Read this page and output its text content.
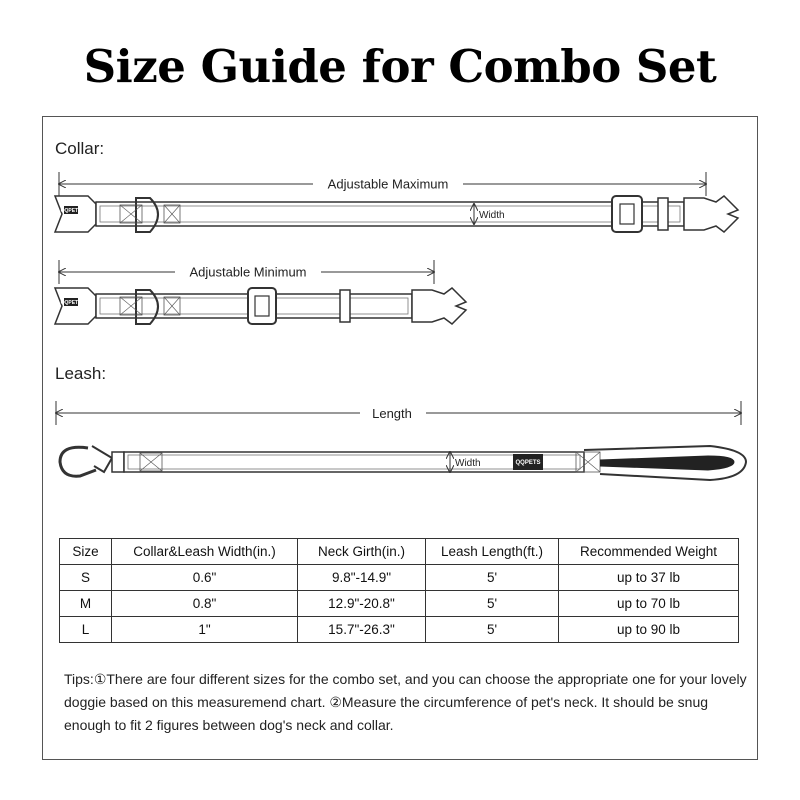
Size Guide for Combo Set
Collar:
Leash:
Adjustable Maximum
QQPETS	Width
Adjustable Minimum
QQPETS
Length
Width	QQPETS
Size	Collar&Leash Width(in.)	Neck Girth(in.)	Leash Length(ft.)	Recommended Weight
S	0.6"	9.8"-14.9"	5'	up to 37 lb
M	0.8"	12.9"-20.8"	5'	up to 70 lb
L	1"	15.7"-26.3"	5'	up to 90 lb
Tips:①There are four different sizes for the combo set, and you can choose the appropriate one for your lovely doggie based on this measuremend chart. ②Measure the circumference of pet's neck. It should be snug enough to fit 2 figures between dog's neck and collar.
